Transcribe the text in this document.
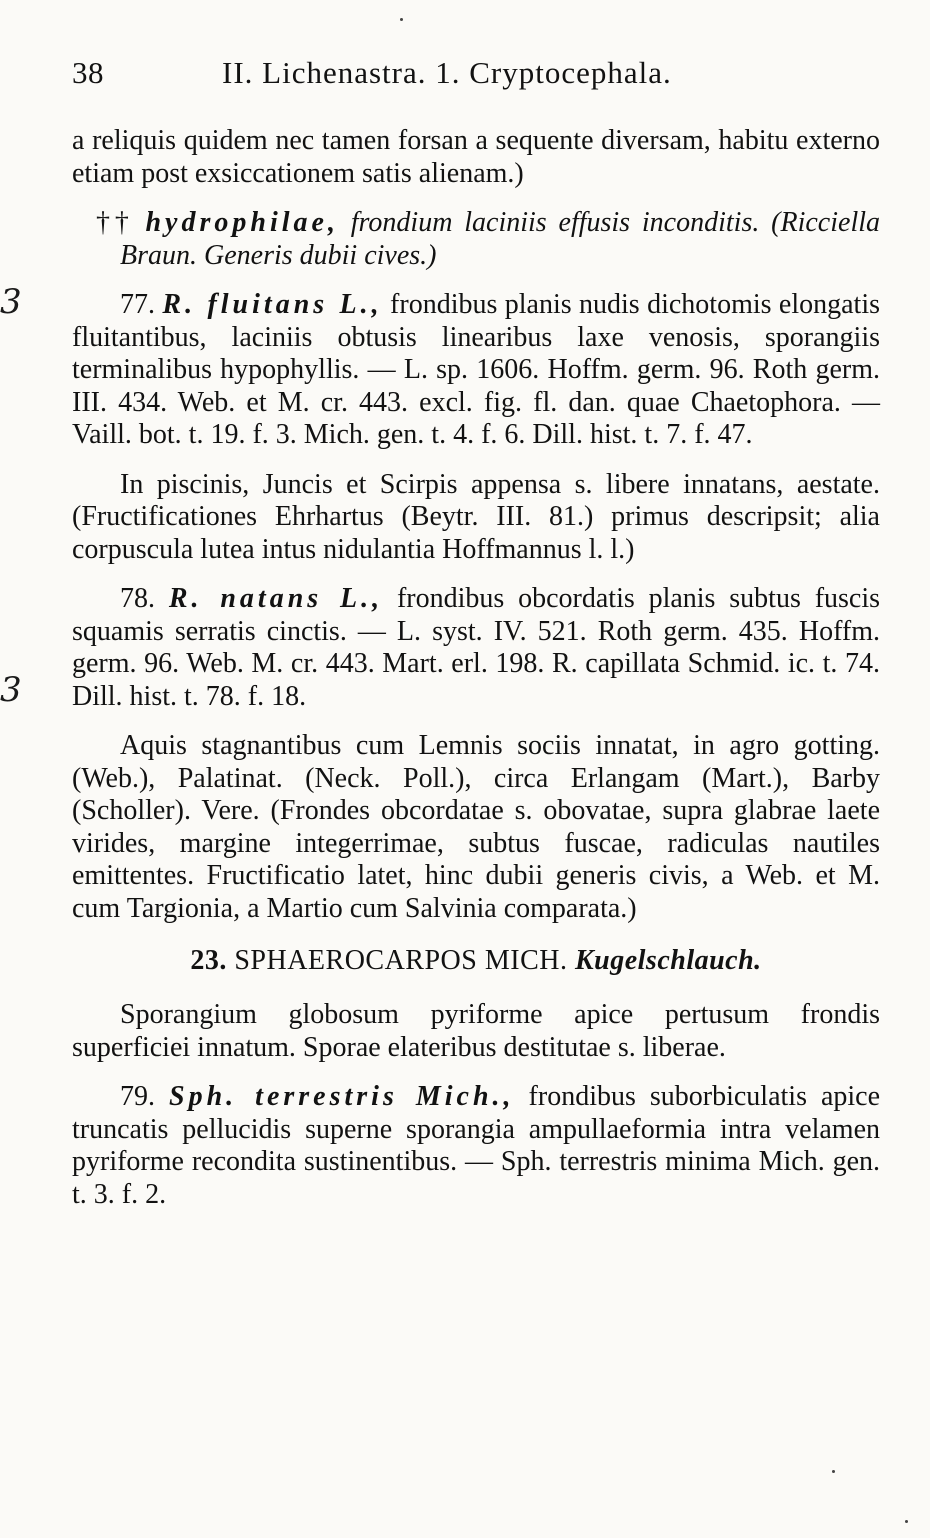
3
3
38	II. Lichenastra. 1. Cryptocephala.

a reliquis quidem nec tamen forsan a sequente diversam, habitu externo etiam post exsiccationem satis alienam.)

†† hydrophilae, frondium laciniis effusis inconditis. (Ricciella Braun. Generis dubii cives.)

77. R. fluitans L., frondibus planis nudis dichotomis elongatis fluitantibus, laciniis obtusis linearibus laxe venosis, sporangiis terminalibus hypophyllis. — L. sp. 1606. Hoffm. germ. 96. Roth germ. III. 434. Web. et M. cr. 443. excl. fig. fl. dan. quae Chaetophora. — Vaill. bot. t. 19. f. 3. Mich. gen. t. 4. f. 6. Dill. hist. t. 7. f. 47.

In piscinis, Juncis et Scirpis appensa s. libere innatans, aestate. (Fructificationes Ehrhartus (Beytr. III. 81.) primus descripsit; alia corpuscula lutea intus nidulantia Hoffmannus l. l.)

78. R. natans L., frondibus obcordatis planis subtus fuscis squamis serratis cinctis. — L. syst. IV. 521. Roth germ. 435. Hoffm. germ. 96. Web. M. cr. 443. Mart. erl. 198. R. capillata Schmid. ic. t. 74. Dill. hist. t. 78. f. 18.

Aquis stagnantibus cum Lemnis sociis innatat, in agro gotting. (Web.), Palatinat. (Neck. Poll.), circa Erlangam (Mart.), Barby (Scholler). Vere. (Frondes obcordatae s. obovatae, supra glabrae laete virides, margine integerrimae, subtus fuscae, radiculas nautiles emittentes. Fructificatio latet, hinc dubii generis civis, a Web. et M. cum Targionia, a Martio cum Salvinia comparata.)

23. SPHAEROCARPOS MICH. Kugelschlauch.

Sporangium globosum pyriforme apice pertusum frondis superficiei innatum. Sporae elateribus destitutae s. liberae.

79. Sph. terrestris Mich., frondibus suborbiculatis apice truncatis pellucidis superne sporangia ampullaeformia intra velamen pyriforme recondita sustinentibus. — Sph. terrestris minima Mich. gen. t. 3. f. 2.
